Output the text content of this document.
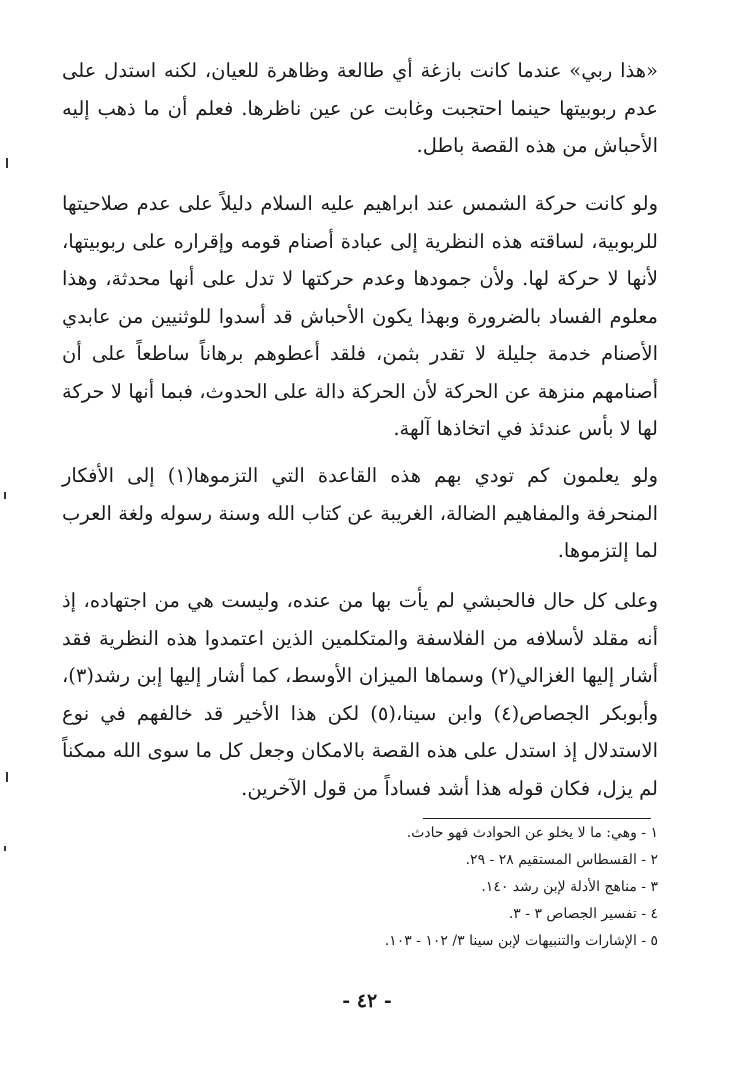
«هذا ربي» عندما كانت بازغة أي طالعة وظاهرة للعيان، لكنه استدل على عدم ربوبيتها حينما احتجبت وغابت عن عين ناظرها. فعلم أن ما ذهب إليه الأحباش من هذه القصة باطل.

ولو كانت حركة الشمس عند ابراهيم عليه السلام دليلاً على عدم صلاحيتها للربوبية، لساقته هذه النظرية إلى عبادة أصنام قومه وإقراره على ربوبيتها، لأنها لا حركة لها. ولأن جمودها وعدم حركتها لا تدل على أنها محدثة، وهذا معلوم الفساد بالضرورة وبهذا يكون الأحباش قد أسدوا للوثنيين من عابدي الأصنام خدمة جليلة لا تقدر بثمن، فلقد أعطوهم برهاناً ساطعاً على أن أصنامهم منزهة عن الحركة لأن الحركة دالة على الحدوث، فبما أنها لا حركة لها لا بأس عندئذ في اتخاذها آلهة.

ولو يعلمون كم تودي بهم هذه القاعدة التي التزموها(١) إلى الأفكار المنحرفة والمفاهيم الضالة، الغريبة عن كتاب الله وسنة رسوله ولغة العرب لما إلتزموها.

وعلى كل حال فالحبشي لم يأت بها من عنده، وليست هي من اجتهاده، إذ أنه مقلد لأسلافه من الفلاسفة والمتكلمين الذين اعتمدوا هذه النظرية فقد أشار إليها الغزالي(٢) وسماها الميزان الأوسط، كما أشار إليها إبن رشد(٣)، وأبوبكر الجصاص(٤) وابن سينا،(٥) لكن هذا الأخير قد خالفهم في نوع الاستدلال إذ استدل على هذه القصة بالامكان وجعل كل ما سوى الله ممكناً لم يزل، فكان قوله هذا أشد فساداً من قول الآخرين.

١ - وهي: ما لا يخلو عن الحوادث فهو حادث.
٢ - القسطاس المستقيم ٢٨ - ٢٩.
٣ - مناهج الأدلة لإبن رشد ١٤٠.
٤ - تفسير الجصاص ٣ - ٣.
٥ - الإشارات والتنبيهات لإبن سينا ٣/ ١٠٢ - ١٠٣.
- ٤٢ -
